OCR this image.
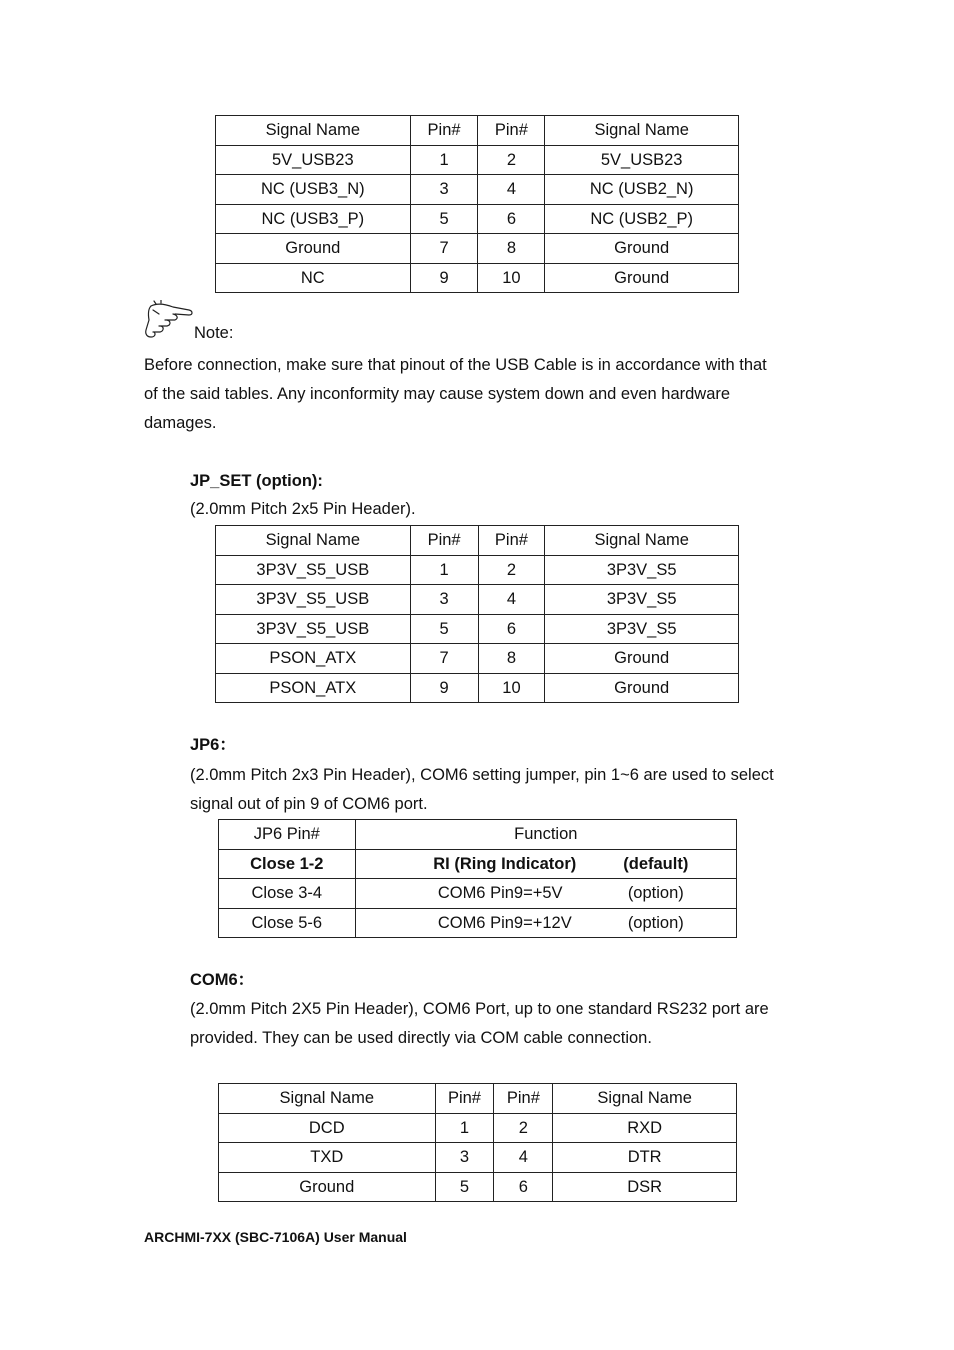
Signal Name	Pin#	Pin#	Signal Name
5V_USB23	1	2	5V_USB23
NC (USB3_N)	3	4	NC (USB2_N)
NC (USB3_P)	5	6	NC (USB2_P)
Ground	7	8	Ground
NC	9	10	Ground
Note:
Before connection, make sure that pinout of the USB Cable is in accordance with that
of the said tables. Any inconformity may cause system down and even hardware
damages.
JP_SET (option):
(2.0mm Pitch 2x5 Pin Header).
Signal Name	Pin#	Pin#	Signal Name
3P3V_S5_USB	1	2	3P3V_S5
3P3V_S5_USB	3	4	3P3V_S5
3P3V_S5_USB	5	6	3P3V_S5
PSON_ATX	7	8	Ground
PSON_ATX	9	10	Ground
JP6：
(2.0mm Pitch 2x3 Pin Header), COM6 setting jumper, pin 1~6 are used to select
signal out of pin 9 of COM6 port.
JP6 Pin#	Function
Close 1-2	RI (Ring Indicator) (default)
Close 3-4	COM6 Pin9=+5V (option)
Close 5-6	COM6 Pin9=+12V (option)
COM6：
(2.0mm Pitch 2X5 Pin Header), COM6 Port, up to one standard RS232 port are
provided. They can be used directly via COM cable connection.
Signal Name	Pin#	Pin#	Signal Name
DCD	1	2	RXD
TXD	3	4	DTR
Ground	5	6	DSR
ARCHMI-7XX (SBC-7106A) User Manual
